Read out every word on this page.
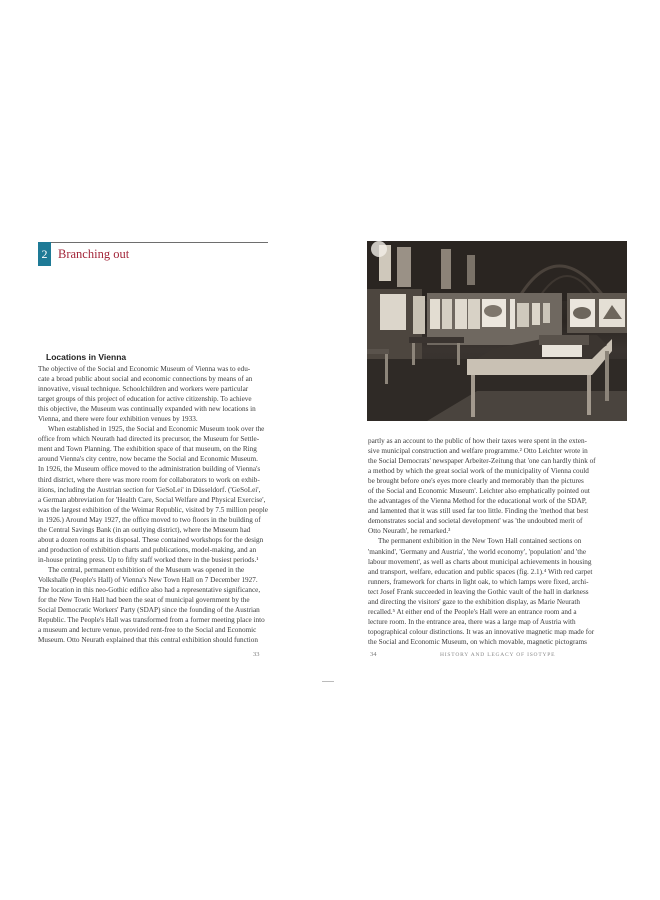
2 Branching out
Locations in Vienna

The objective of the Social and Economic Museum of Vienna was to edu-
cate a broad public about social and economic connections by means of an
innovative, visual technique. Schoolchildren and workers were particular
target groups of this project of education for active citizenship. To achieve
this objective, the Museum was continually expanded with new locations in
Vienna, and there were four exhibition venues by 1933.

When established in 1925, the Social and Economic Museum took over the
office from which Neurath had directed its precursor, the Museum for Settle-
ment and Town Planning. The exhibition space of that museum, on the Ring
around Vienna's city centre, now became the Social and Economic Museum.
In 1926, the Museum office moved to the administration building of Vienna's
third district, where there was more room for collaborators to work on exhib-
itions, including the Austrian section for 'GeSoLei' in Düsseldorf. ('GeSoLei',
a German abbreviation for 'Health Care, Social Welfare and Physical Exercise',
was the largest exhibition of the Weimar Republic, visited by 7.5 million people
in 1926.) Around May 1927, the office moved to two floors in the building of
the Central Savings Bank (in an outlying district), where the Museum had
about a dozen rooms at its disposal. These contained workshops for the design
and production of exhibition charts and publications, model-making, and an
in-house printing press. Up to fifty staff worked there in the busiest periods.¹

The central, permanent exhibition of the Museum was opened in the
Volkshalle (People's Hall) of Vienna's New Town Hall on 7 December 1927.
The location in this neo-Gothic edifice also had a representative significance,
for the New Town Hall had been the seat of municipal government by the
Social Democratic Workers' Party (SDAP) since the founding of the Austrian
Republic. The People's Hall was transformed from a former meeting place into
a museum and lecture venue, provided rent-free to the Social and Economic
Museum. Otto Neurath explained that this central exhibition should function

33

partly as an account to the public of how their taxes were spent in the exten-
sive municipal construction and welfare programme.² Otto Leichter wrote in
the Social Democrats' newspaper Arbeiter-Zeitung that 'one can hardly think of
a method by which the great social work of the municipality of Vienna could
be brought before one's eyes more clearly and memorably than the pictures
of the Social and Economic Museum'. Leichter also emphatically pointed out
the advantages of the Vienna Method for the educational work of the SDAP,
and lamented that it was still used far too little. Finding the 'method that best
demonstrates social and societal development' was 'the undoubted merit of
Otto Neurath', he remarked.³

The permanent exhibition in the New Town Hall contained sections on
'mankind', 'Germany and Austria', 'the world economy', 'population' and 'the
labour movement', as well as charts about municipal achievements in housing
and transport, welfare, education and public spaces (fig. 2.1).⁴ With red carpet
runners, framework for charts in light oak, to which lamps were fixed, archi-
tect Josef Frank succeeded in leaving the Gothic vault of the hall in darkness
and directing the visitors' gaze to the exhibition display, as Marie Neurath
recalled.⁵ At either end of the People's Hall were an entrance room and a
lecture room. In the entrance area, there was a large map of Austria with
topographical colour distinctions. It was an innovative magnetic map made for
the Social and Economic Museum, on which movable, magnetic pictograms

34	HISTORY AND LEGACY OF ISOTYPE
